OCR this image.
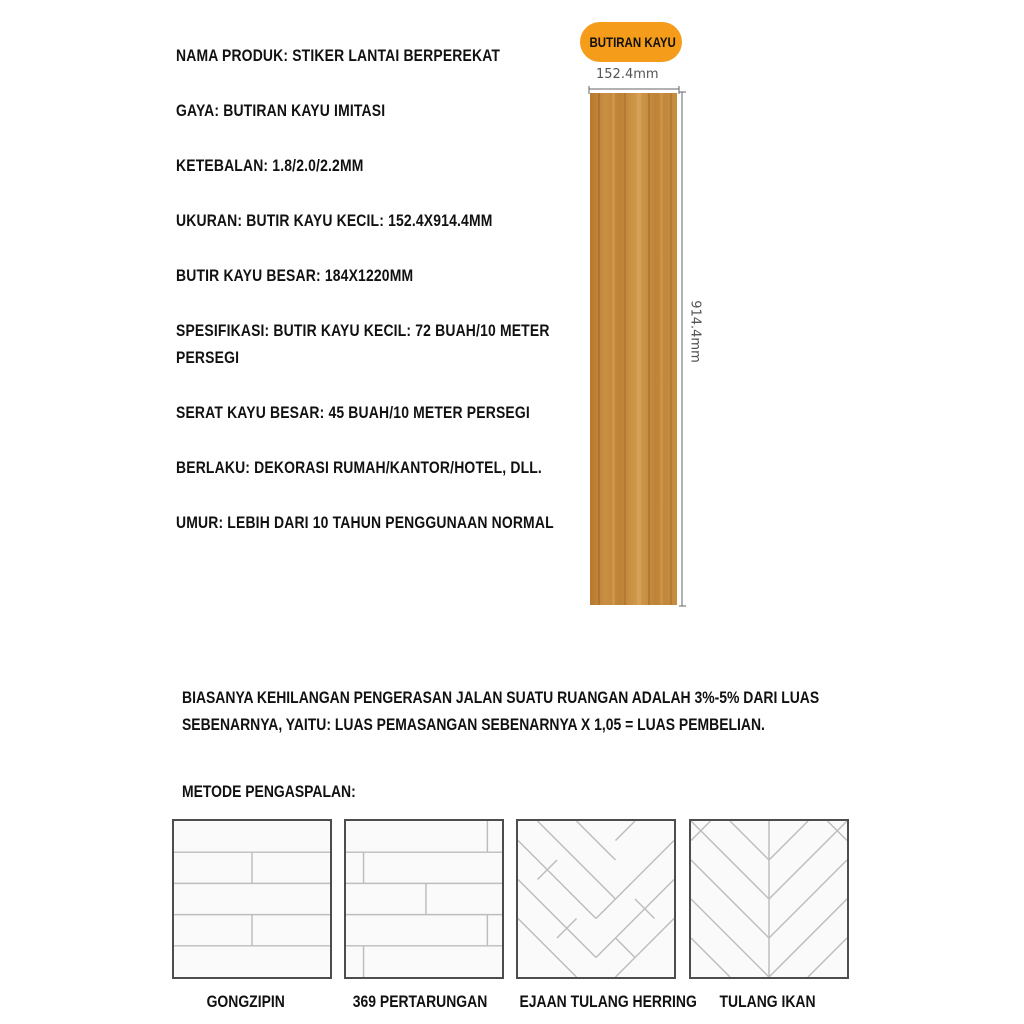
NAMA PRODUK: STIKER LANTAI BERPEREKAT
GAYA: BUTIRAN KAYU IMITASI
KETEBALAN: 1.8/2.0/2.2MM
UKURAN: BUTIR KAYU KECIL: 152.4X914.4MM
BUTIR KAYU BESAR: 184X1220MM
SPESIFIKASI: BUTIR KAYU KECIL: 72 BUAH/10 METER
PERSEGI
SERAT KAYU BESAR: 45 BUAH/10 METER PERSEGI
BERLAKU: DEKORASI RUMAH/KANTOR/HOTEL, DLL.
UMUR: LEBIH DARI 10 TAHUN PENGGUNAAN NORMAL
BUTIRAN KAYU
152.4mm
914.4mm
BIASANYA KEHILANGAN PENGERASAN JALAN SUATU RUANGAN ADALAH 3%-5% DARI LUAS
SEBENARNYA, YAITU: LUAS PEMASANGAN SEBENARNYA X 1,05 = LUAS PEMBELIAN.
METODE PENGASPALAN:
GONGZIPIN	369 PERTARUNGAN	EJAAN TULANG HERRING	TULANG IKAN
